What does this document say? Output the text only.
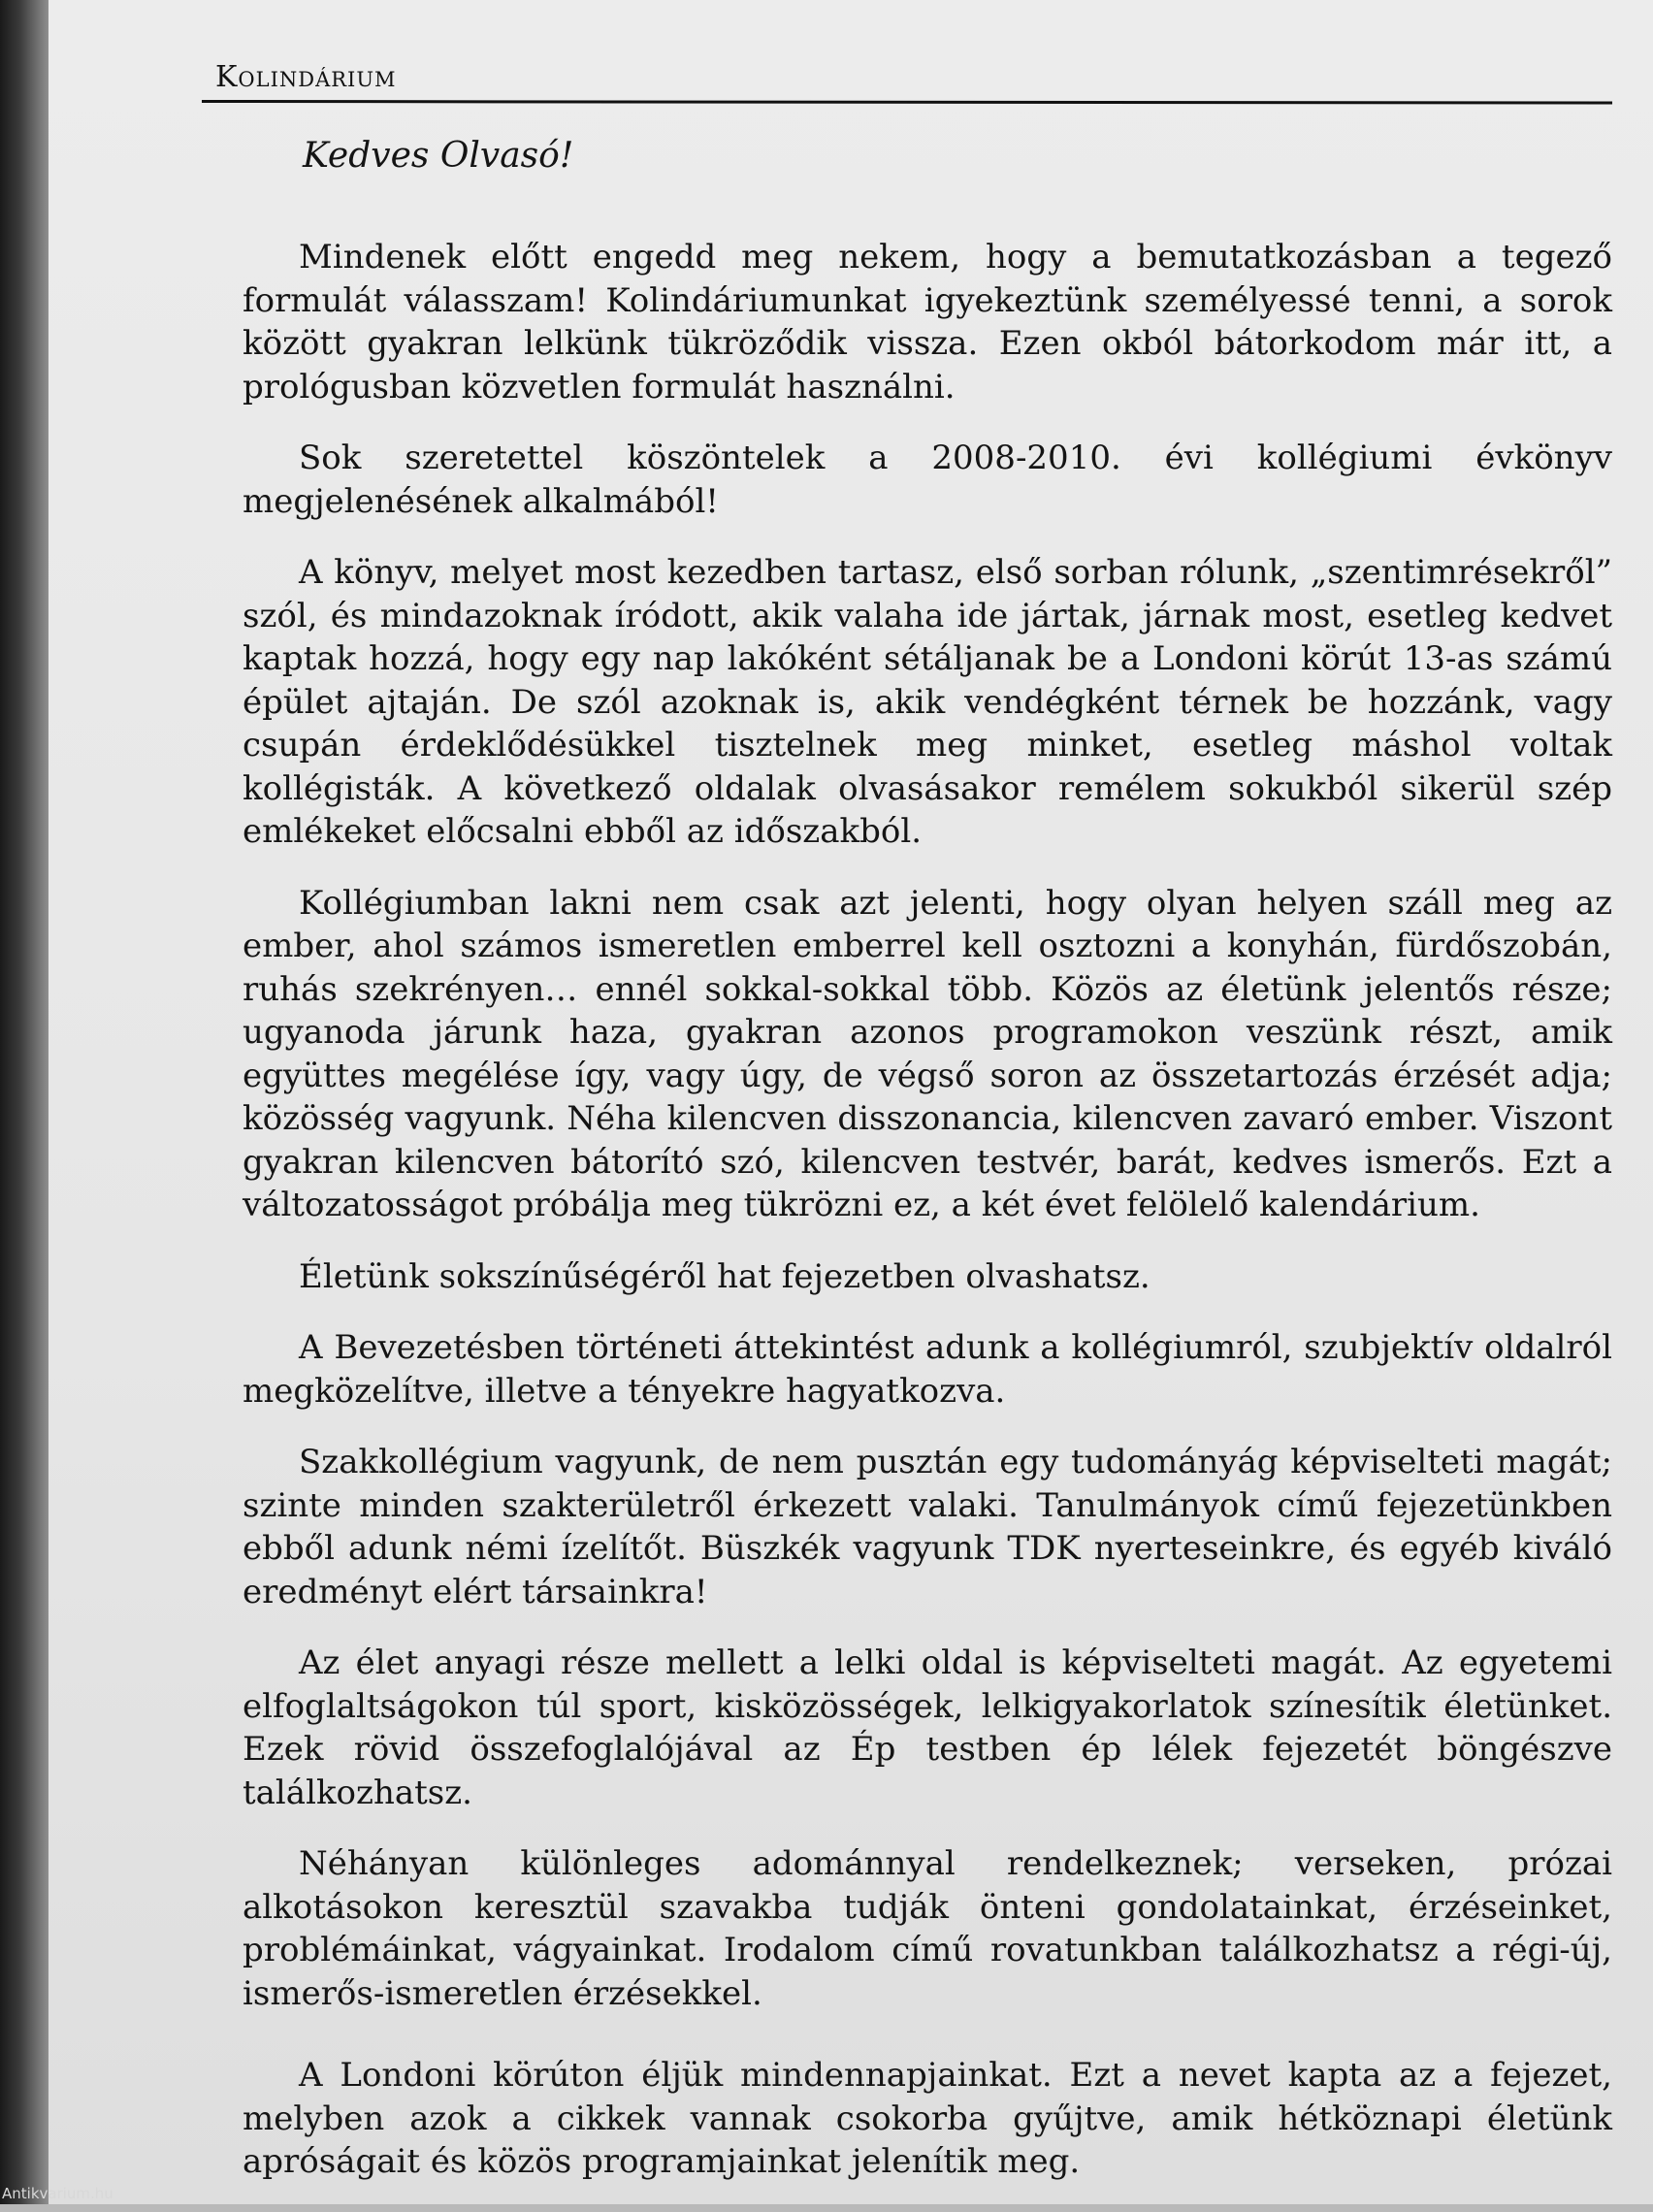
Kolindárium
Kedves Olvasó!

Mindenek előtt engedd meg nekem, hogy a bemutatkozásban a tegező formulát válasszam! Kolindáriumunkat igyekeztünk személyessé tenni, a sorok között gyakran lelkünk tükröződik vissza. Ezen okból bátorkodom már itt, a prológusban közvetlen formulát használni.

Sok szeretettel köszöntelek a 2008-2010. évi kollégiumi évkönyv megjelenésének alkalmából!

A könyv, melyet most kezedben tartasz, első sorban rólunk, „szentimrésekről” szól, és mindazoknak íródott, akik valaha ide jártak, járnak most, esetleg kedvet kaptak hozzá, hogy egy nap lakóként sétáljanak be a Londoni körút 13-as számú épület ajtaján. De szól azoknak is, akik vendégként térnek be hozzánk, vagy csupán érdeklődésükkel tisztelnek meg minket, esetleg máshol voltak kollégisták. A következő oldalak olvasásakor remélem sokukból sikerül szép emlékeket előcsalni ebből az időszakból.

Kollégiumban lakni nem csak azt jelenti, hogy olyan helyen száll meg az ember, ahol számos ismeretlen emberrel kell osztozni a konyhán, fürdőszobán, ruhás szekrényen… ennél sokkal-sokkal több. Közös az életünk jelentős része; ugyanoda járunk haza, gyakran azonos programokon veszünk részt, amik együttes megélése így, vagy úgy, de végső soron az összetartozás érzését adja; közösség vagyunk. Néha kilencven disszonancia, kilencven zavaró ember. Viszont gyakran kilencven bátorító szó, kilencven testvér, barát, kedves ismerős. Ezt a változatosságot próbálja meg tükrözni ez, a két évet felölelő kalendárium.

Életünk sokszínűségéről hat fejezetben olvashatsz.

A Bevezetésben történeti áttekintést adunk a kollégiumról, szubjektív oldalról megközelítve, illetve a tényekre hagyatkozva.

Szakkollégium vagyunk, de nem pusztán egy tudományág képviselteti magát; szinte minden szakterületről érkezett valaki. Tanulmányok című fejezetünkben ebből adunk némi ízelítőt. Büszkék vagyunk TDK nyerteseinkre, és egyéb kiváló eredményt elért társainkra!

Az élet anyagi része mellett a lelki oldal is képviselteti magát. Az egyetemi elfoglaltságokon túl sport, kisközösségek, lelkigyakorlatok színesítik életünket. Ezek rövid összefoglalójával az Ép testben ép lélek fejezetét böngészve találkozhatsz.

Néhányan különleges adománnyal rendelkeznek; verseken, prózai alkotásokon keresztül szavakba tudják önteni gondolatainkat, érzéseinket, problémáinkat, vágyainkat. Irodalom című rovatunkban találkozhatsz a régi-új, ismerős-ismeretlen érzésekkel.

A Londoni körúton éljük mindennapjainkat. Ezt a nevet kapta az a fejezet, melyben azok a cikkek vannak csokorba gyűjtve, amik hétköznapi életünk apróságait és közös programjainkat jelenítik meg.

Antikvarium.hu
